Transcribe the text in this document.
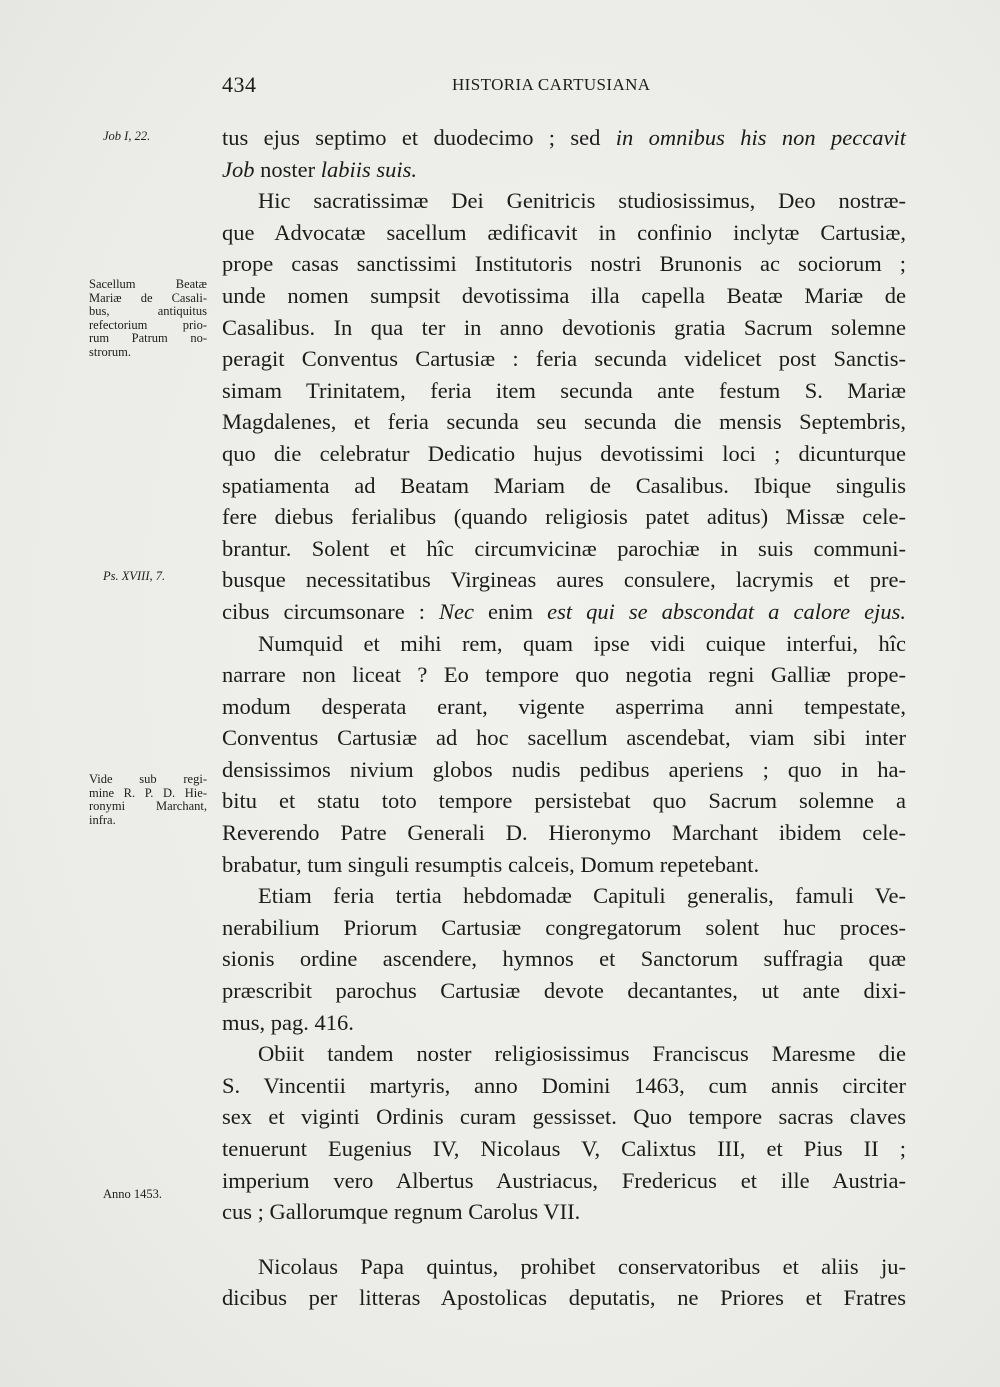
434	HISTORIA CARTUSIANA
Job I, 22.
Sacellum Beatæ
Mariæ de Casali-
bus, antiquitus
refectorium prio-
rum Patrum no-
strorum.
Ps. XVIII, 7.
Vide sub regi-
mine R. P. D. Hie-
ronymi Marchant,
infra.
Anno 1453.

tus ejus septimo et duodecimo ; sed in omnibus his non peccavit
Job noster labiis suis.

Hic sacratissimæ Dei Genitricis studiosissimus, Deo nostræ-
que Advocatæ sacellum ædificavit in confinio inclytæ Cartusiæ,
prope casas sanctissimi Institutoris nostri Brunonis ac sociorum ;
unde nomen sumpsit devotissima illa capella Beatæ Mariæ de
Casalibus. In qua ter in anno devotionis gratia Sacrum solemne
peragit Conventus Cartusiæ : feria secunda videlicet post Sanctis-
simam Trinitatem, feria item secunda ante festum S. Mariæ
Magdalenes, et feria secunda seu secunda die mensis Septembris,
quo die celebratur Dedicatio hujus devotissimi loci ; dicunturque
spatiamenta ad Beatam Mariam de Casalibus. Ibique singulis
fere diebus ferialibus (quando religiosis patet aditus) Missæ cele-
brantur. Solent et hîc circumvicinæ parochiæ in suis communi-
busque necessitatibus Virgineas aures consulere, lacrymis et pre-
cibus circumsonare : Nec enim est qui se abscondat a calore ejus.

Numquid et mihi rem, quam ipse vidi cuique interfui, hîc
narrare non liceat ? Eo tempore quo negotia regni Galliæ prope-
modum desperata erant, vigente asperrima anni tempestate,
Conventus Cartusiæ ad hoc sacellum ascendebat, viam sibi inter
densissimos nivium globos nudis pedibus aperiens ; quo in ha-
bitu et statu toto tempore persistebat quo Sacrum solemne a
Reverendo Patre Generali D. Hieronymo Marchant ibidem cele-
brabatur, tum singuli resumptis calceis, Domum repetebant.

Etiam feria tertia hebdomadæ Capituli generalis, famuli Ve-
nerabilium Priorum Cartusiæ congregatorum solent huc proces-
sionis ordine ascendere, hymnos et Sanctorum suffragia quæ
præscribit parochus Cartusiæ devote decantantes, ut ante dixi-
mus, pag. 416.

Obiit tandem noster religiosissimus Franciscus Maresme die
S. Vincentii martyris, anno Domini 1463, cum annis circiter
sex et viginti Ordinis curam gessisset. Quo tempore sacras claves
tenuerunt Eugenius IV, Nicolaus V, Calixtus III, et Pius II ;
imperium vero Albertus Austriacus, Fredericus et ille Austria-
cus ; Gallorumque regnum Carolus VII.

Nicolaus Papa quintus, prohibet conservatoribus et aliis ju-
dicibus per litteras Apostolicas deputatis, ne Priores et Fratres
